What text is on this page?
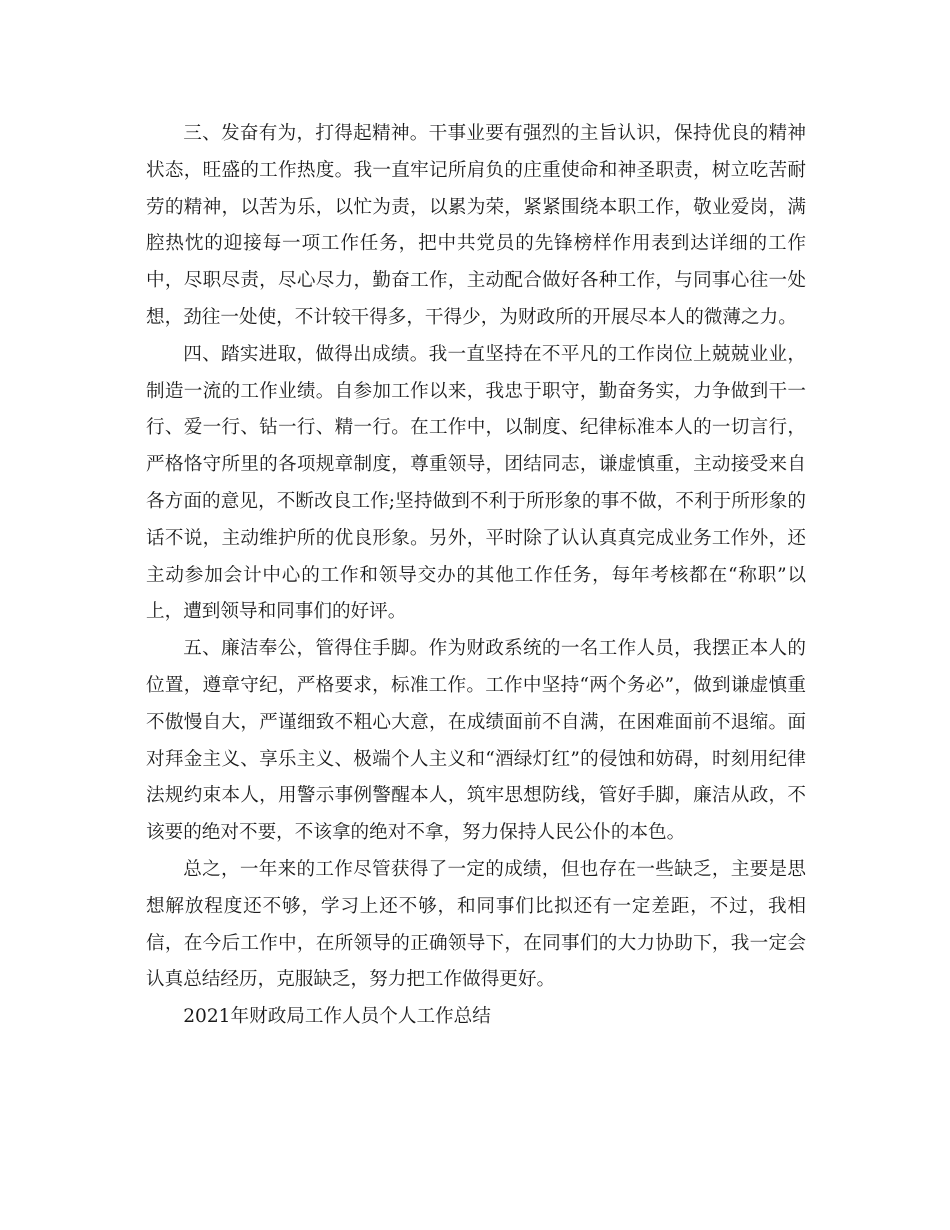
三、发奋有为，打得起精神。干事业要有强烈的主旨认识，保持优良的精神状态，旺盛的工作热度。我一直牢记所肩负的庄重使命和神圣职责，树立吃苦耐劳的精神，以苦为乐，以忙为责，以累为荣，紧紧围绕本职工作，敬业爱岗，满腔热忱的迎接每一项工作任务，把中共党员的先锋榜样作用表到达详细的工作中，尽职尽责，尽心尽力，勤奋工作，主动配合做好各种工作，与同事心往一处想，劲往一处使，不计较干得多，干得少，为财政所的开展尽本人的微薄之力。

四、踏实进取，做得出成绩。我一直坚持在不平凡的工作岗位上兢兢业业，制造一流的工作业绩。自参加工作以来，我忠于职守，勤奋务实，力争做到干一行、爱一行、钻一行、精一行。在工作中，以制度、纪律标准本人的一切言行，严格恪守所里的各项规章制度，尊重领导，团结同志，谦虚慎重，主动接受来自各方面的意见，不断改良工作;坚持做到不利于所形象的事不做，不利于所形象的话不说，主动维护所的优良形象。另外，平时除了认认真真完成业务工作外，还主动参加会计中心的工作和领导交办的其他工作任务，每年考核都在“称职”以上，遭到领导和同事们的好评。

五、廉洁奉公，管得住手脚。作为财政系统的一名工作人员，我摆正本人的位置，遵章守纪，严格要求，标准工作。工作中坚持“两个务必”，做到谦虚慎重不傲慢自大，严谨细致不粗心大意，在成绩面前不自满，在困难面前不退缩。面对拜金主义、享乐主义、极端个人主义和“酒绿灯红”的侵蚀和妨碍，时刻用纪律法规约束本人，用警示事例警醒本人，筑牢思想防线，管好手脚，廉洁从政，不该要的绝对不要，不该拿的绝对不拿，努力保持人民公仆的本色。

总之，一年来的工作尽管获得了一定的成绩，但也存在一些缺乏，主要是思想解放程度还不够，学习上还不够，和同事们比拟还有一定差距，不过，我相信，在今后工作中，在所领导的正确领导下，在同事们的大力协助下，我一定会认真总结经历，克服缺乏，努力把工作做得更好。

2021年财政局工作人员个人工作总结
